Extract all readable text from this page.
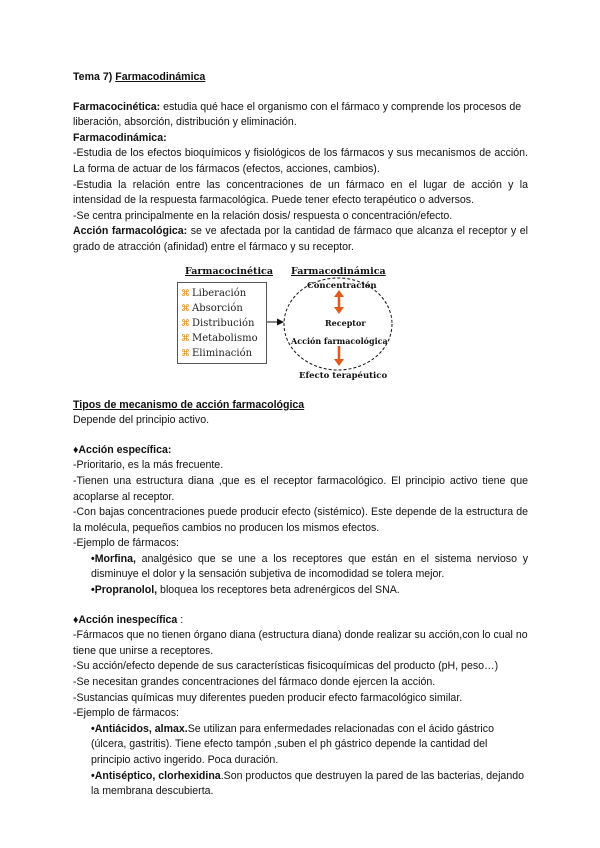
Tema 7) Farmacodinámica

Farmacocinética: estudia qué hace el organismo con el fármaco y comprende los procesos de liberación, absorción, distribución y eliminación.

Farmacodinámica:

-Estudia de los efectos bioquímicos y fisiológicos de los fármacos y sus mecanismos de acción. La forma de actuar de los fármacos (efectos, acciones, cambios).

-Estudia la relación entre las concentraciones de un fármaco en el lugar de acción y la intensidad de la respuesta farmacológica. Puede tener efecto terapéutico o adversos.

-Se centra principalmente en la relación dosis/ respuesta o concentración/efecto.

Acción farmacológica: se ve afectada por la cantidad de fármaco que alcanza el receptor y el grado de atracción (afinidad) entre el fármaco y su receptor.

Farmacocinética
⌘ Liberación
⌘ Absorción
⌘ Distribución
⌘ Metabolismo
⌘ Eliminación
Farmacodinámica
Concentración
Receptor
Acción farmacológica
Efecto terapéutico

Tipos de mecanismo de acción farmacológica

Depende del principio activo.

♦Acción específica:

-Prioritario, es la más frecuente.

-Tienen una estructura diana ,que es el receptor farmacológico. El principio activo tiene que acoplarse al receptor.

-Con bajas concentraciones puede producir efecto (sistémico). Este depende de la estructura de la molécula, pequeños cambios no producen los mismos efectos.

-Ejemplo de fármacos:

•Morfina, analgésico que se une a los receptores que están en el sistema nervioso y disminuye el dolor y la sensación subjetiva de incomodidad se tolera mejor.

•Propranolol, bloquea los receptores beta adrenérgicos del SNA.

♦Acción inespecífica :

-Fármacos que no tienen órgano diana (estructura diana) donde realizar su acción,con lo cual no tiene que unirse a receptores.

-Su acción/efecto depende de sus características fisicoquímicas del producto (pH, peso…)

-Se necesitan grandes concentraciones del fármaco donde ejercen la acción.

-Sustancias químicas muy diferentes pueden producir efecto farmacológico similar.

-Ejemplo de fármacos:

•Antiácidos, almax.Se utilizan para enfermedades relacionadas con el ácido gástrico (úlcera, gastritis). Tiene efecto tampón ,suben el ph gástrico depende la cantidad del principio activo ingerido. Poca duración.

•Antiséptico, clorhexidina.Son productos que destruyen la pared de las bacterias, dejando la membrana descubierta.
